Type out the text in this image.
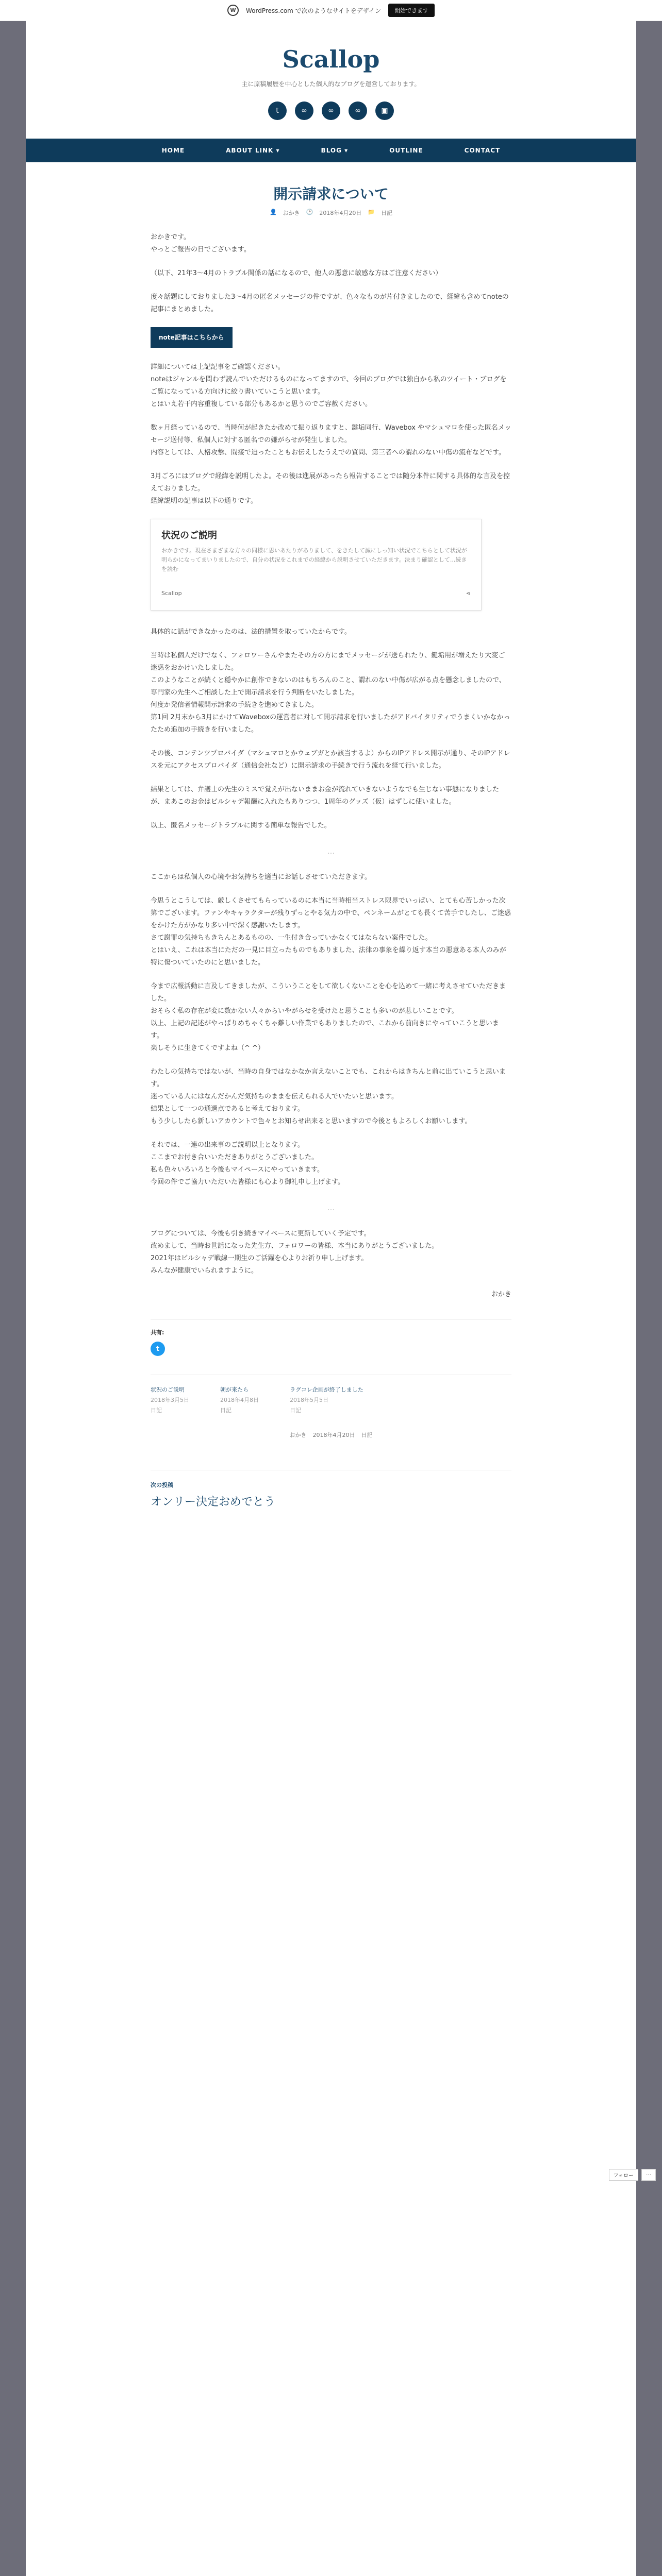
W	WordPress.com で次のようなサイトをデザイン	開始できます
Scallop
主に原稿履歴を中心とした個人的なブログを運営しております。
t	∞	∞	∞	▣
HOME	ABOUT LINK ▾	BLOG ▾	OUTLINE	CONTACT
開示請求について
👤 おかき 🕑 2018年4月20日 📁 日記

おかきです。
やっとご報告の日でございます。

（以下、21年3〜4月のトラブル関係の話になるので、他人の悪意に敏感な方はご注意ください）

度々話題にしておりました3〜4月の匿名メッセージの件ですが、色々なものが片付きましたので、経緯も含めてnoteの記事にまとめました。

note記事はこちらから

詳細については上記記事をご確認ください。
noteはジャンルを問わず読んでいただけるものになってますので、今回のブログでは独自から私のツイート・ブログをご覧になっている方向けに絞り書いていこうと思います。
とはいえ若干内容重複している部分もあるかと思うのでご容赦ください。

数ヶ月経っているので、当時何が起きたか改めて振り返りますと、鍵垢同行、Wavebox やマシュマロを使った匿名メッセージ送付等、私個人に対する匿名での嫌がらせが発生しました。
内容としては、人格攻撃、間接で迫ったこともお伝えしたうえでの質問、第三者への謂れのない中傷の流布などです。

3月ごろにはブログで経緯を説明したよ。その後は進展があったら報告することでは随分本件に関する具体的な言及を控えておりました。
経緯説明の記事は以下の通りです。

状況のご説明
おかきです。現在さまざまな方々の同様に思いあたりがありまして、をきたして誠にしっ知い状況でこちらとして状況が明らかになってまいりましたので、自分の状況をこれまでの経緯から説明させていただきます。決まり確認として...続きを読む
Scallop	⋖

具体的に話ができなかったのは、法的措置を取っていたからです。

当時は私個人だけでなく、フォロワーさんやまたその方の方にまでメッセージが送られたり、鍵垢用が増えたり大変ご迷惑をおかけいたしました。
このようなことが続くと穏やかに創作できないのはもちろんのこと、謂れのない中傷が広がる点を懸念しましたので、専門家の先生へご相談した上で開示請求を行う判断をいたしました。
何度か発信者情報開示請求の手続きを進めてきました。
第1回 2月末から3月にかけてWaveboxの運営者に対して開示請求を行いましたがアドバイタリティでうまくいかなかったため追加の手続きを行いました。

その後、コンテンツプロバイダ（マシュマロとかウェブガとか該当するよ）からのIPアドレス開示が通り、そのIPアドレスを元にアクセスプロバイダ（通信会社など）に開示請求の手続きで行う流れを経て行いました。

結果としては、弁護士の先生のミスで覚えが出ないままお金が流れていきないようなでも生じない事態になりましたが、まあこのお金はビルシャデ報酬に入れたもありつつ、1周年のグッズ（仮）はずしに使いました。

以上、匿名メッセージトラブルに関する簡単な報告でした。

…

ここからは私個人の心境やお気持ちを適当にお話しさせていただきます。

今思うとこうしては、厳しくさせてもらっているのに本当に当時相当ストレス限界でいっぱい、とても心苦しかった次第でございます。ファンやキャラクターが残りずっとやる気力の中で、ペンネームがとても長くて苦手でしたし、ご迷惑をかけた方がかなり多い中で深く感謝いたします。
さて謝罪の気持ちもきちんとあるものの、一生付き合っていかなくてはならない案件でした。
とはいえ、これは本当にただの一見に目立ったものでもありました、法律の事象を繰り返す本当の悪意ある本人のみが特に傷ついていたのにと思いました。

今まで広報活動に言及してきましたが、こういうことをして欲しくないことを心を込めて一緒に考えさせていただきました。
おそらく私の存在が変に数かない人々からいやがらせを受けたと思うことも多いのが悲しいことです。
以上、上記の記述がやっぱりめちゃくちゃ難しい作業でもありましたので、これから前向きにやっていこうと思います。
楽しそうに生きてくですよね（^ ^）

わたしの気持ちではないが、当時の自身ではなかなか言えないことでも、これからはきちんと前に出ていこうと思います。
迷っている人にはなんだかんだ気持ちのままを伝えられる人でいたいと思います。
結果として一つの通過点であると考えております。
もう少ししたら新しいアカウントで色々とお知らせ出来ると思いますので今後ともよろしくお願いします。

それでは、一連の出来事のご説明以上となります。
ここまでお付き合いいただきありがとうございました。
私も色々いろいろと今後もマイペースにやっていきます。
今回の件でご協力いただいた皆様にも心より御礼申し上げます。

…

ブログについては、今後も引き続きマイペースに更新していく予定です。
改めまして、当時お世話になった先生方、フォロワーの皆様、本当にありがとうございました。
2021年はビルシャデ戦線一期生のご活躍を心よりお祈り申し上げます。
みんなが健康でいられますように。

おかき
共有:
t
状況のご説明
2018年3月5日
日記
朝が来たら
2018年4月8日
日記
ラグコレ企画が終了しました
2018年5月5日
日記
おかき 2018年4月20日 日記
次の投稿
オンリー決定おめでとう
フォロー	…
